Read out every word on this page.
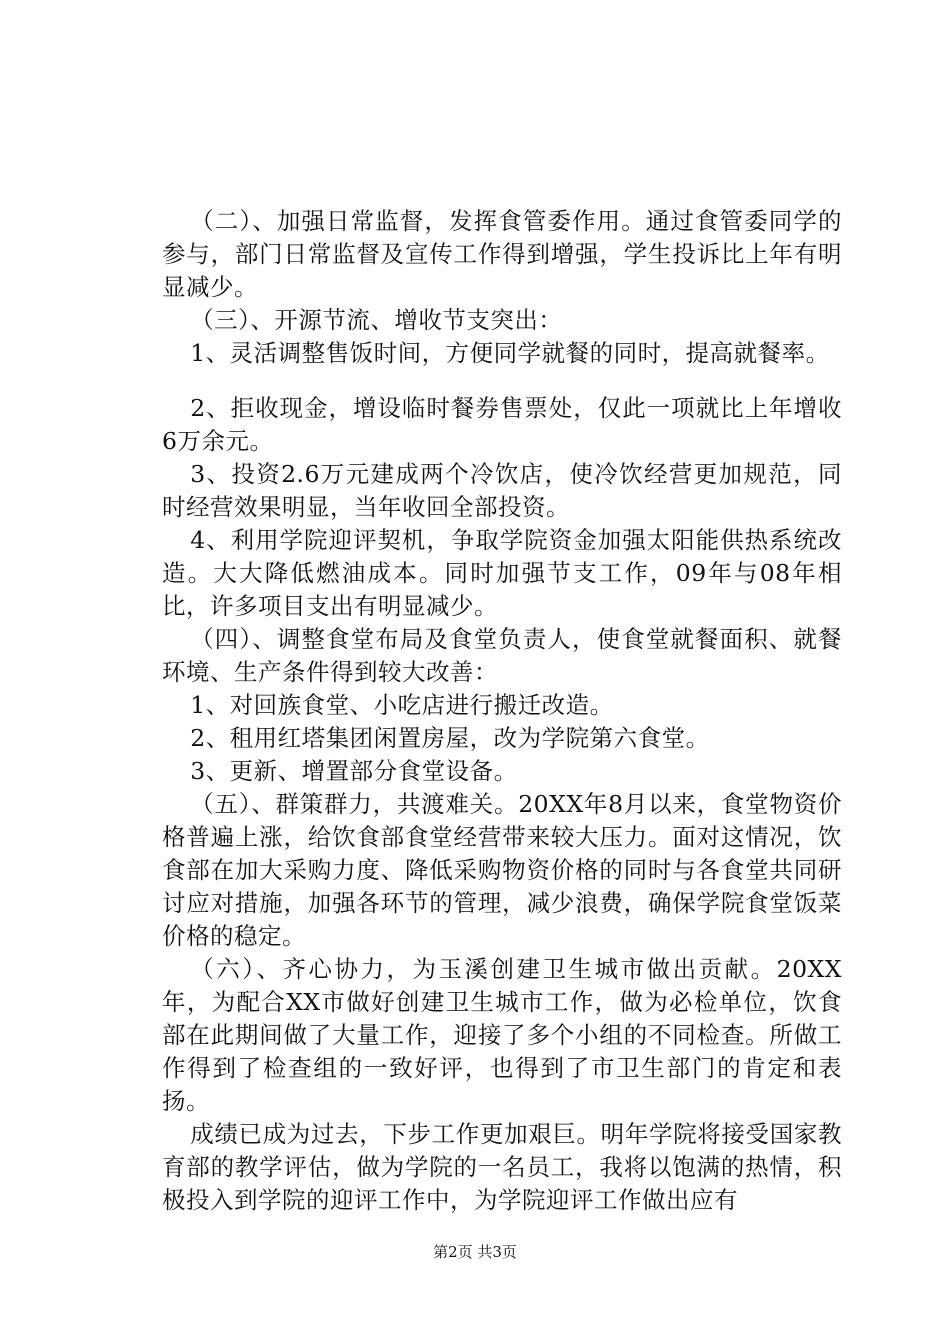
（二）、加强日常监督，发挥食管委作用。通过食管委同学的参与，部门日常监督及宣传工作得到增强，学生投诉比上年有明显减少。

（三）、开源节流、增收节支突出：

1、灵活调整售饭时间，方便同学就餐的同时，提高就餐率。

2、拒收现金，增设临时餐券售票处，仅此一项就比上年增收6万余元。

3、投资2.6万元建成两个冷饮店，使冷饮经营更加规范，同时经营效果明显，当年收回全部投资。

4、利用学院迎评契机，争取学院资金加强太阳能供热系统改造。大大降低燃油成本。同时加强节支工作，09年与08年相比，许多项目支出有明显减少。

（四）、调整食堂布局及食堂负责人，使食堂就餐面积、就餐环境、生产条件得到较大改善：

1、对回族食堂、小吃店进行搬迁改造。

2、租用红塔集团闲置房屋，改为学院第六食堂。

3、更新、增置部分食堂设备。

（五）、群策群力，共渡难关。20XX年8月以来，食堂物资价格普遍上涨，给饮食部食堂经营带来较大压力。面对这情况，饮食部在加大采购力度、降低采购物资价格的同时与各食堂共同研讨应对措施，加强各环节的管理，减少浪费，确保学院食堂饭菜价格的稳定。

（六）、齐心协力，为玉溪创建卫生城市做出贡献。20XX年，为配合XX市做好创建卫生城市工作，做为必检单位，饮食部在此期间做了大量工作，迎接了多个小组的不同检查。所做工作得到了检查组的一致好评，也得到了市卫生部门的肯定和表扬。

成绩已成为过去，下步工作更加艰巨。明年学院将接受国家教育部的教学评估，做为学院的一名员工，我将以饱满的热情，积极投入到学院的迎评工作中，为学院迎评工作做出应有

第2页 共3页
